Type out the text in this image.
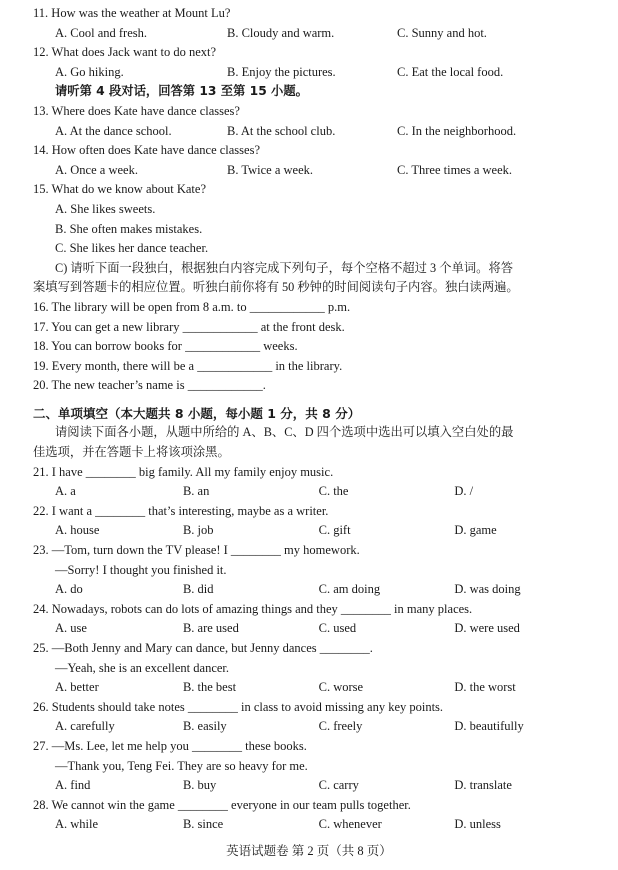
11. How was the weather at Mount Lu?
A. Cool and fresh.	B. Cloudy and warm.	C. Sunny and hot.
12. What does Jack want to do next?
A. Go hiking.	B. Enjoy the pictures.	C. Eat the local food.
请听第 4 段对话，回答第 13 至第 15 小题。
13. Where does Kate have dance classes?
A. At the dance school.	B. At the school club.	C. In the neighborhood.
14. How often does Kate have dance classes?
A. Once a week.	B. Twice a week.	C. Three times a week.
15. What do we know about Kate?
A. She likes sweets.
B. She often makes mistakes.
C. She likes her dance teacher.
C) 请听下面一段独白，根据独白内容完成下列句子，每个空格不超过 3 个单词。将答
案填写到答题卡的相应位置。听独白前你将有 50 秒钟的时间阅读句子内容。独白读两遍。
16. The library will be open from 8 a.m. to ____________ p.m.
17. You can get a new library ____________ at the front desk.
18. You can borrow books for ____________ weeks.
19. Every month, there will be a ____________ in the library.
20. The new teacher’s name is ____________.
二、单项填空（本大题共 8 小题，每小题 1 分，共 8 分）
请阅读下面各小题，从题中所给的 A、B、C、D 四个选项中选出可以填入空白处的最
佳选项，并在答题卡上将该项涂黑。
21. I have ________ big family. All my family enjoy music.
A. a	B. an	C. the	D. /
22. I want a ________ that’s interesting, maybe as a writer.
A. house	B. job	C. gift	D. game
23. —Tom, turn down the TV please! I ________ my homework.
—Sorry! I thought you finished it.
A. do	B. did	C. am doing	D. was doing
24. Nowadays, robots can do lots of amazing things and they ________ in many places.
A. use	B. are used	C. used	D. were used
25. —Both Jenny and Mary can dance, but Jenny dances ________.
—Yeah, she is an excellent dancer.
A. better	B. the best	C. worse	D. the worst
26. Students should take notes ________ in class to avoid missing any key points.
A. carefully	B. easily	C. freely	D. beautifully
27. —Ms. Lee, let me help you ________ these books.
—Thank you, Teng Fei. They are so heavy for me.
A. find	B. buy	C. carry	D. translate
28. We cannot win the game ________ everyone in our team pulls together.
A. while	B. since	C. whenever	D. unless
英语试题卷 第 2 页（共 8 页）
